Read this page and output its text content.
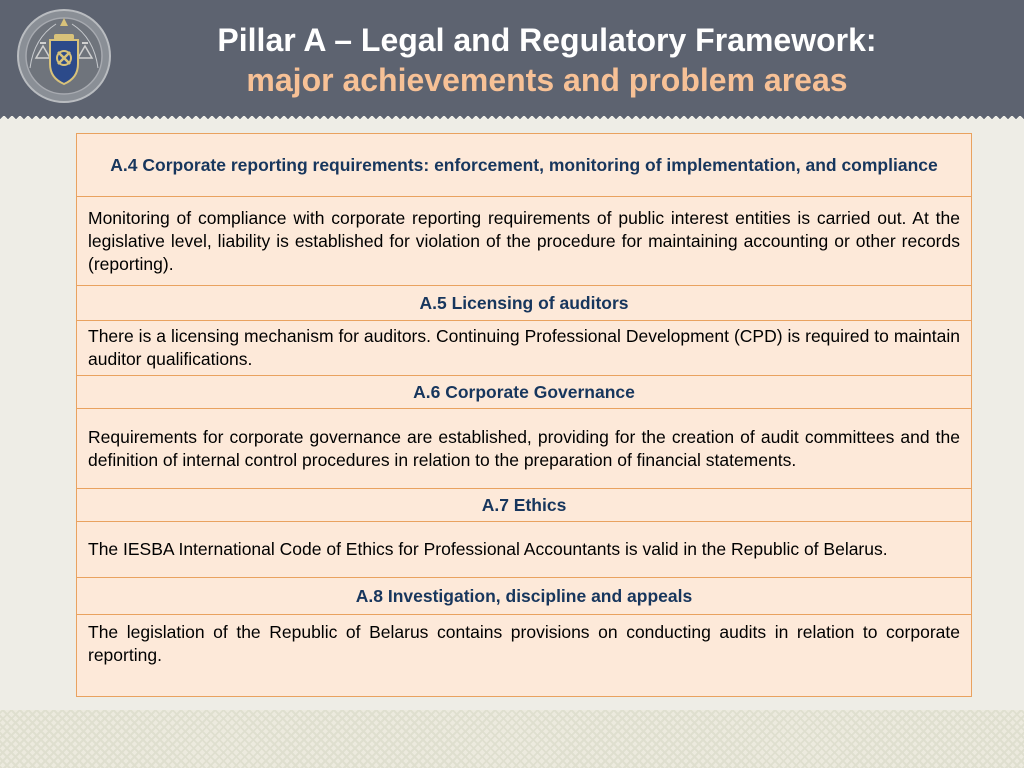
Pillar A – Legal and Regulatory Framework:

major achievements and problem areas

A.4 Corporate reporting requirements: enforcement, monitoring of implementation, and compliance
Monitoring of compliance with corporate reporting requirements of public interest entities is carried out. At the legislative level, liability is established for violation of the procedure for maintaining accounting or other records (reporting).
A.5 Licensing of auditors
There is a licensing mechanism for auditors. Continuing Professional Development (CPD) is required to maintain auditor qualifications.
A.6 Corporate Governance
Requirements for corporate governance are established, providing for the creation of audit committees and the definition of internal control procedures in relation to the preparation of financial statements.
A.7 Ethics
The IESBA International Code of Ethics for Professional Accountants is valid in the Republic of Belarus.
A.8 Investigation, discipline and appeals
The legislation of the Republic of Belarus contains provisions on conducting audits in relation to corporate reporting.
